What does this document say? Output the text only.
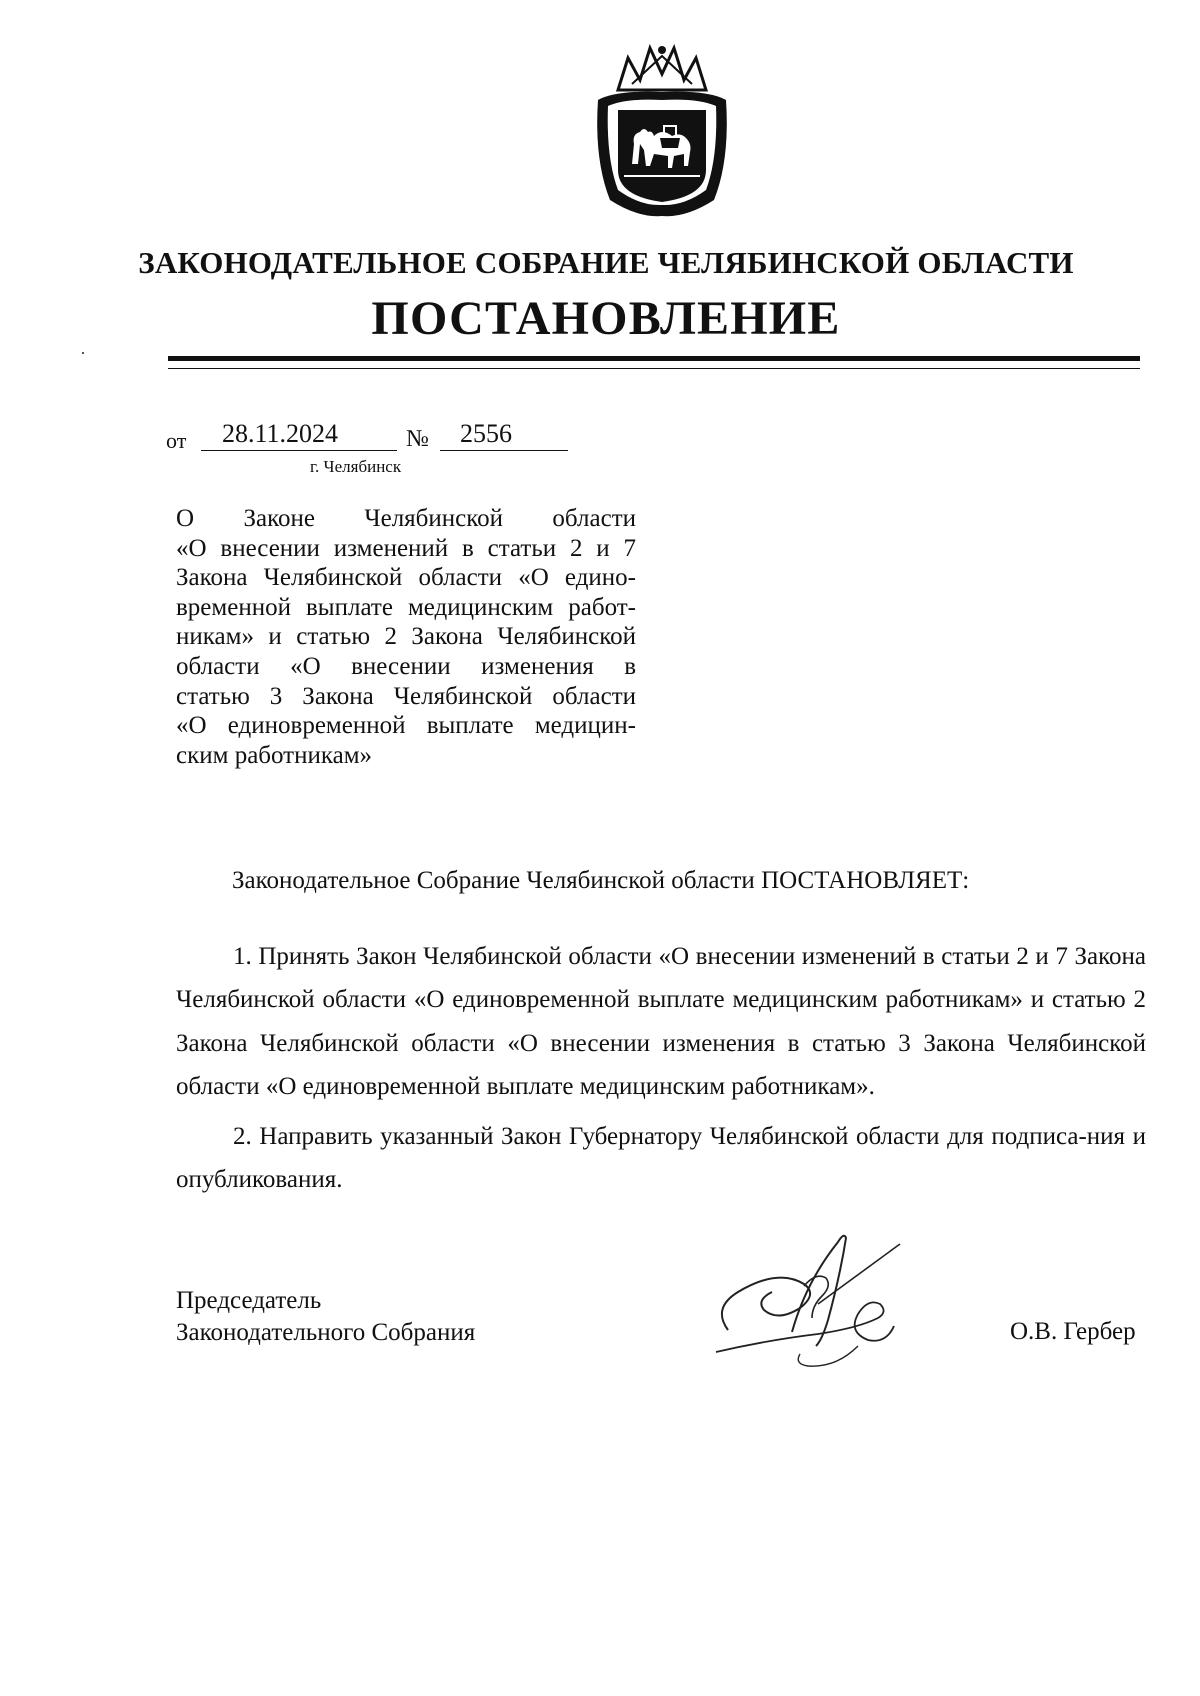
ЗАКОНОДАТЕЛЬНОЕ СОБРАНИЕ ЧЕЛЯБИНСКОЙ ОБЛАСТИ
ПОСТАНОВЛЕНИЕ
от 28.11.2024	№ 2556
г. Челябинск
О Законе Челябинской области
«О внесении изменений в статьи 2 и 7
Закона Челябинской области «О едино-
временной выплате медицинским работ-
никам» и статью 2 Закона Челябинской
области «О внесении изменения в
статью 3 Закона Челябинской области
«О единовременной выплате медицин-
ским работникам»
Законодательное Собрание Челябинской области ПОСТАНОВЛЯЕТ:
1. Принять Закон Челябинской области «О внесении изменений в статьи 2 и 7 Закона Челябинской области «О единовременной выплате медицинским работникам» и статью 2 Закона Челябинской области «О внесении изменения в статью 3 Закона Челябинской области «О единовременной выплате медицинским работникам».
2. Направить указанный Закон Губернатору Челябинской области для подписа-ния и опубликования.
Председатель
Законодательного Собрания	О.В. Гербер
